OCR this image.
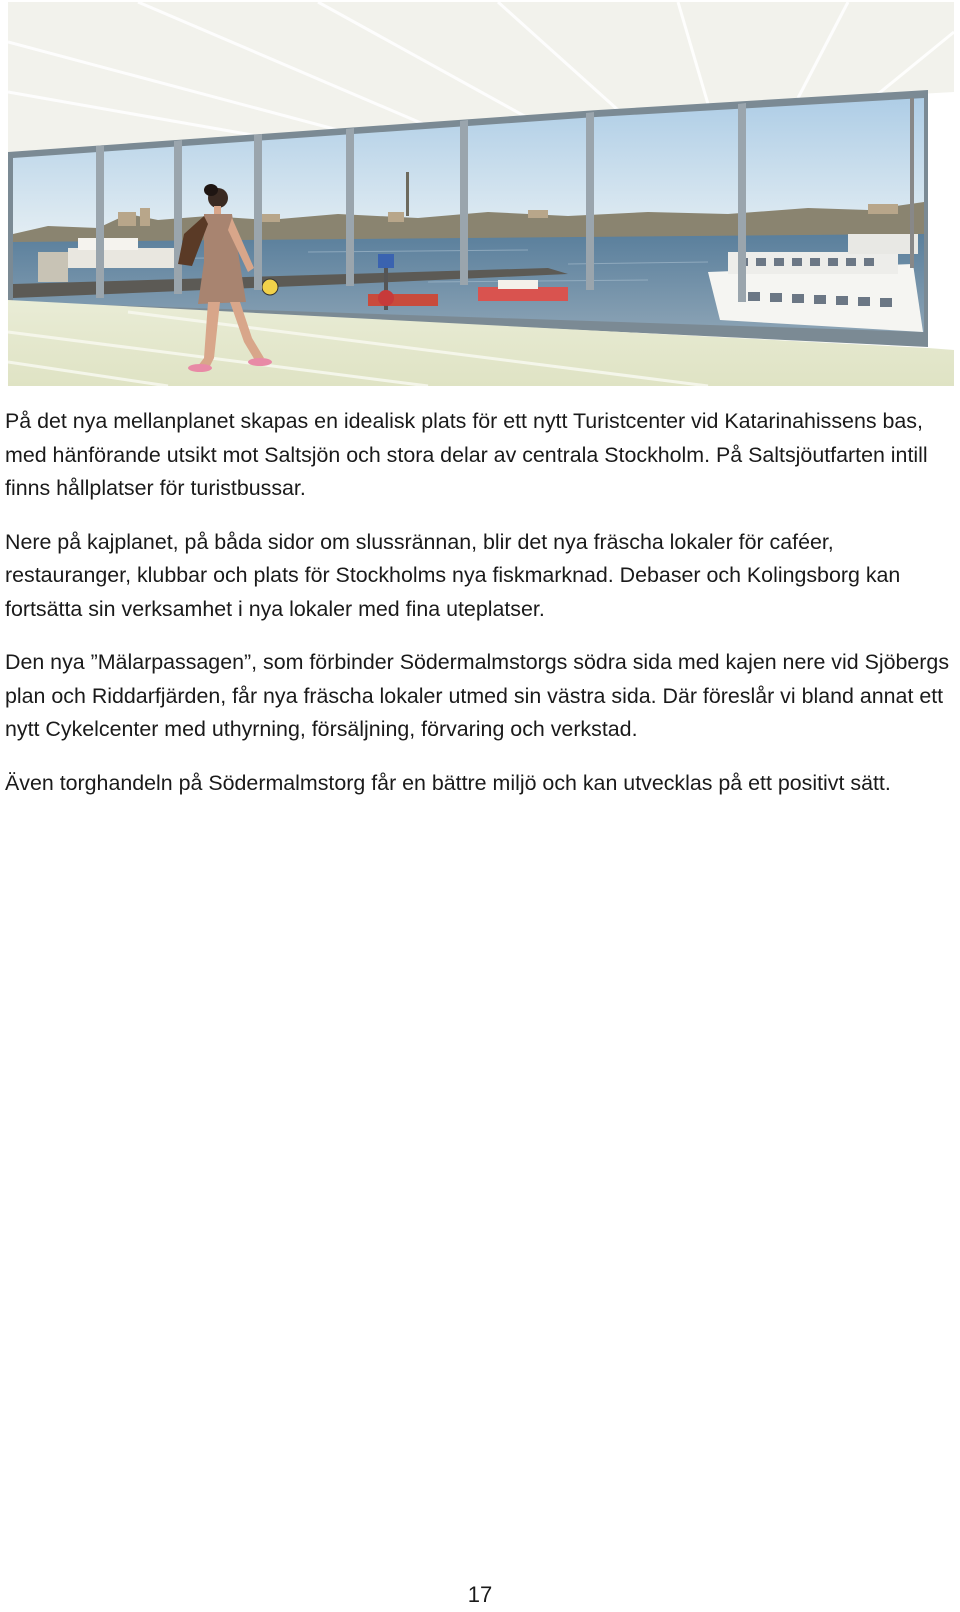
På det nya mellanplanet skapas en idealisk plats för ett nytt Turistcenter vid Katarinahissens bas, med hänförande utsikt mot Saltsjön och stora delar av centrala Stockholm. På Saltsjöutfarten intill finns hållplatser för turistbussar.

Nere på kajplanet, på båda sidor om slussrännan, blir det nya fräscha lokaler för caféer, restauranger, klubbar och plats för Stockholms nya fiskmarknad. Debaser och Kolingsborg kan fortsätta sin verksamhet i nya lokaler med fina uteplatser.

Den nya ”Mälarpassagen”, som förbinder Södermalmstorgs södra sida med kajen nere vid Sjöbergs plan och Riddarfjärden, får nya fräscha lokaler utmed sin västra sida. Där föreslår vi bland annat ett nytt Cykelcenter med uthyrning, försäljning, förvaring och verkstad.

Även torghandeln på Södermalmstorg får en bättre miljö och kan utvecklas på ett positivt sätt.

17
